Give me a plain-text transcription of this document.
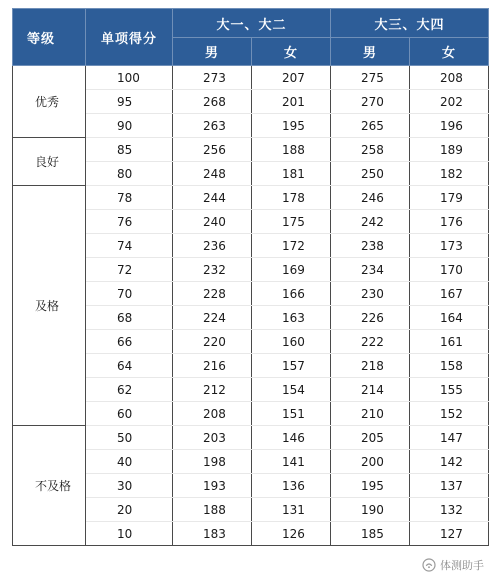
等级	单项得分	大一、大二		大三、大四	
		男	女	男	女
优秀	100	273	207	275	208
	95	268	201	270	202
	90	263	195	265	196
良好	85	256	188	258	189
	80	248	181	250	182
及格	78	244	178	246	179
	76	240	175	242	176
	74	236	172	238	173
	72	232	169	234	170
	70	228	166	230	167
	68	224	163	226	164
	66	220	160	222	161
	64	216	157	218	158
	62	212	154	214	155
	60	208	151	210	152
不及格	50	203	146	205	147
	40	198	141	200	142
	30	193	136	195	137
	20	188	131	190	132
	10	183	126	185	127
体测助手
